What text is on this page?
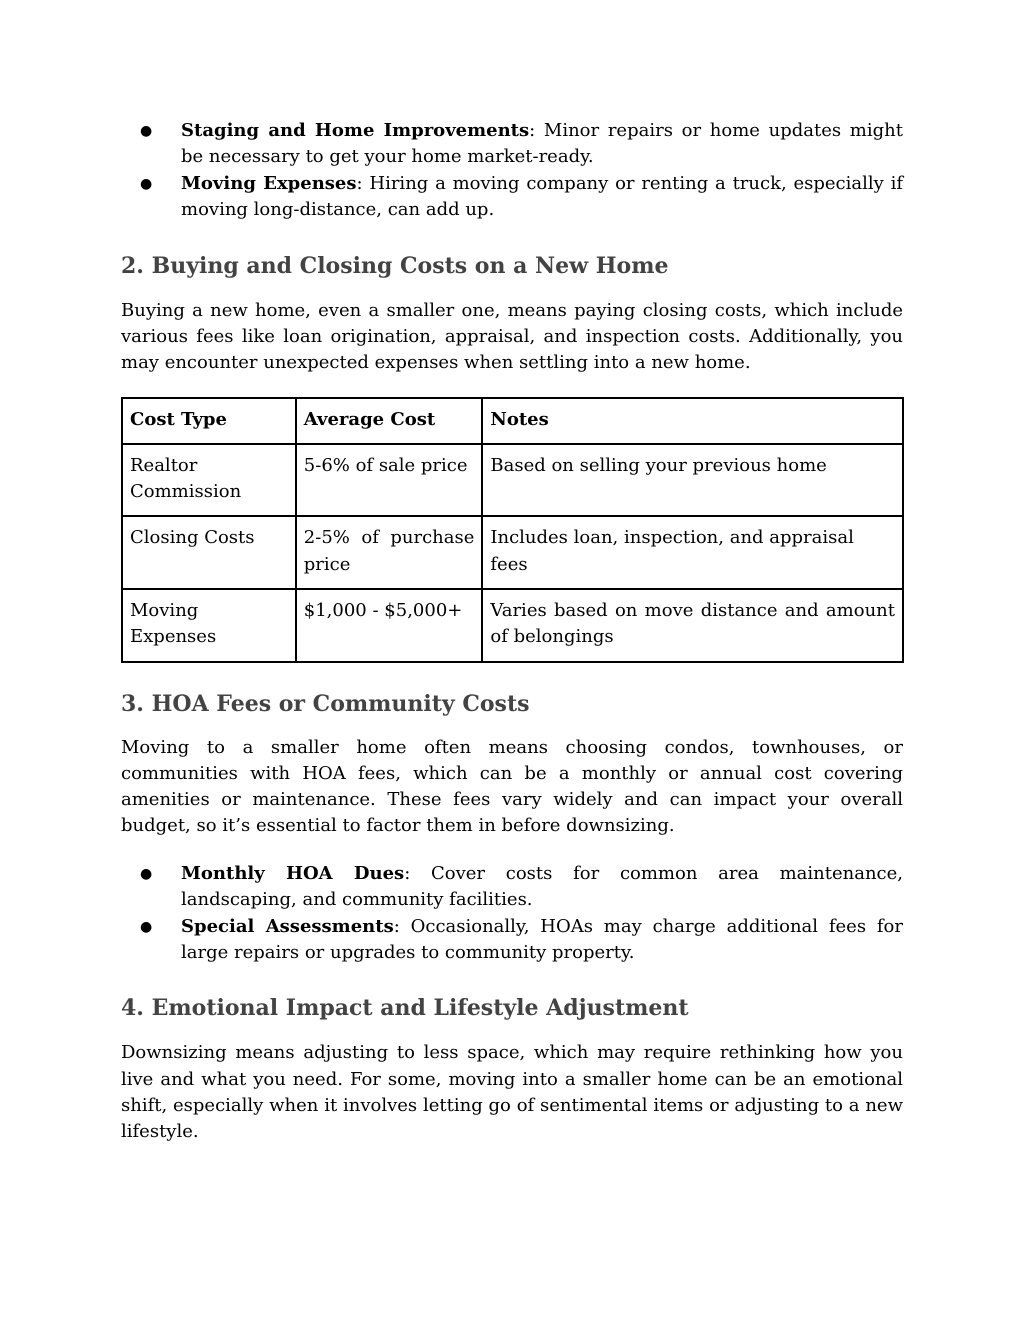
●	Staging and Home Improvements: Minor repairs or home updates might be necessary to get your home market-ready.
●	Moving Expenses: Hiring a moving company or renting a truck, especially if moving long-distance, can add up.
2. Buying and Closing Costs on a New Home

Buying a new home, even a smaller one, means paying closing costs, which include various fees like loan origination, appraisal, and inspection costs. Additionally, you may encounter unexpected expenses when settling into a new home.

Cost Type	Average Cost	Notes
Realtor Commission	5-6% of sale price	Based on selling your previous home
Closing Costs	2-5% of purchase price	Includes loan, inspection, and appraisal fees
Moving Expenses	$1,000 - $5,000+	Varies based on move distance and amount of belongings
3. HOA Fees or Community Costs

Moving to a smaller home often means choosing condos, townhouses, or communities with HOA fees, which can be a monthly or annual cost covering amenities or maintenance. These fees vary widely and can impact your overall budget, so it’s essential to factor them in before downsizing.

●	Monthly HOA Dues: Cover costs for common area maintenance, landscaping, and community facilities.
●	Special Assessments: Occasionally, HOAs may charge additional fees for large repairs or upgrades to community property.
4. Emotional Impact and Lifestyle Adjustment

Downsizing means adjusting to less space, which may require rethinking how you live and what you need. For some, moving into a smaller home can be an emotional shift, especially when it involves letting go of sentimental items or adjusting to a new lifestyle.
